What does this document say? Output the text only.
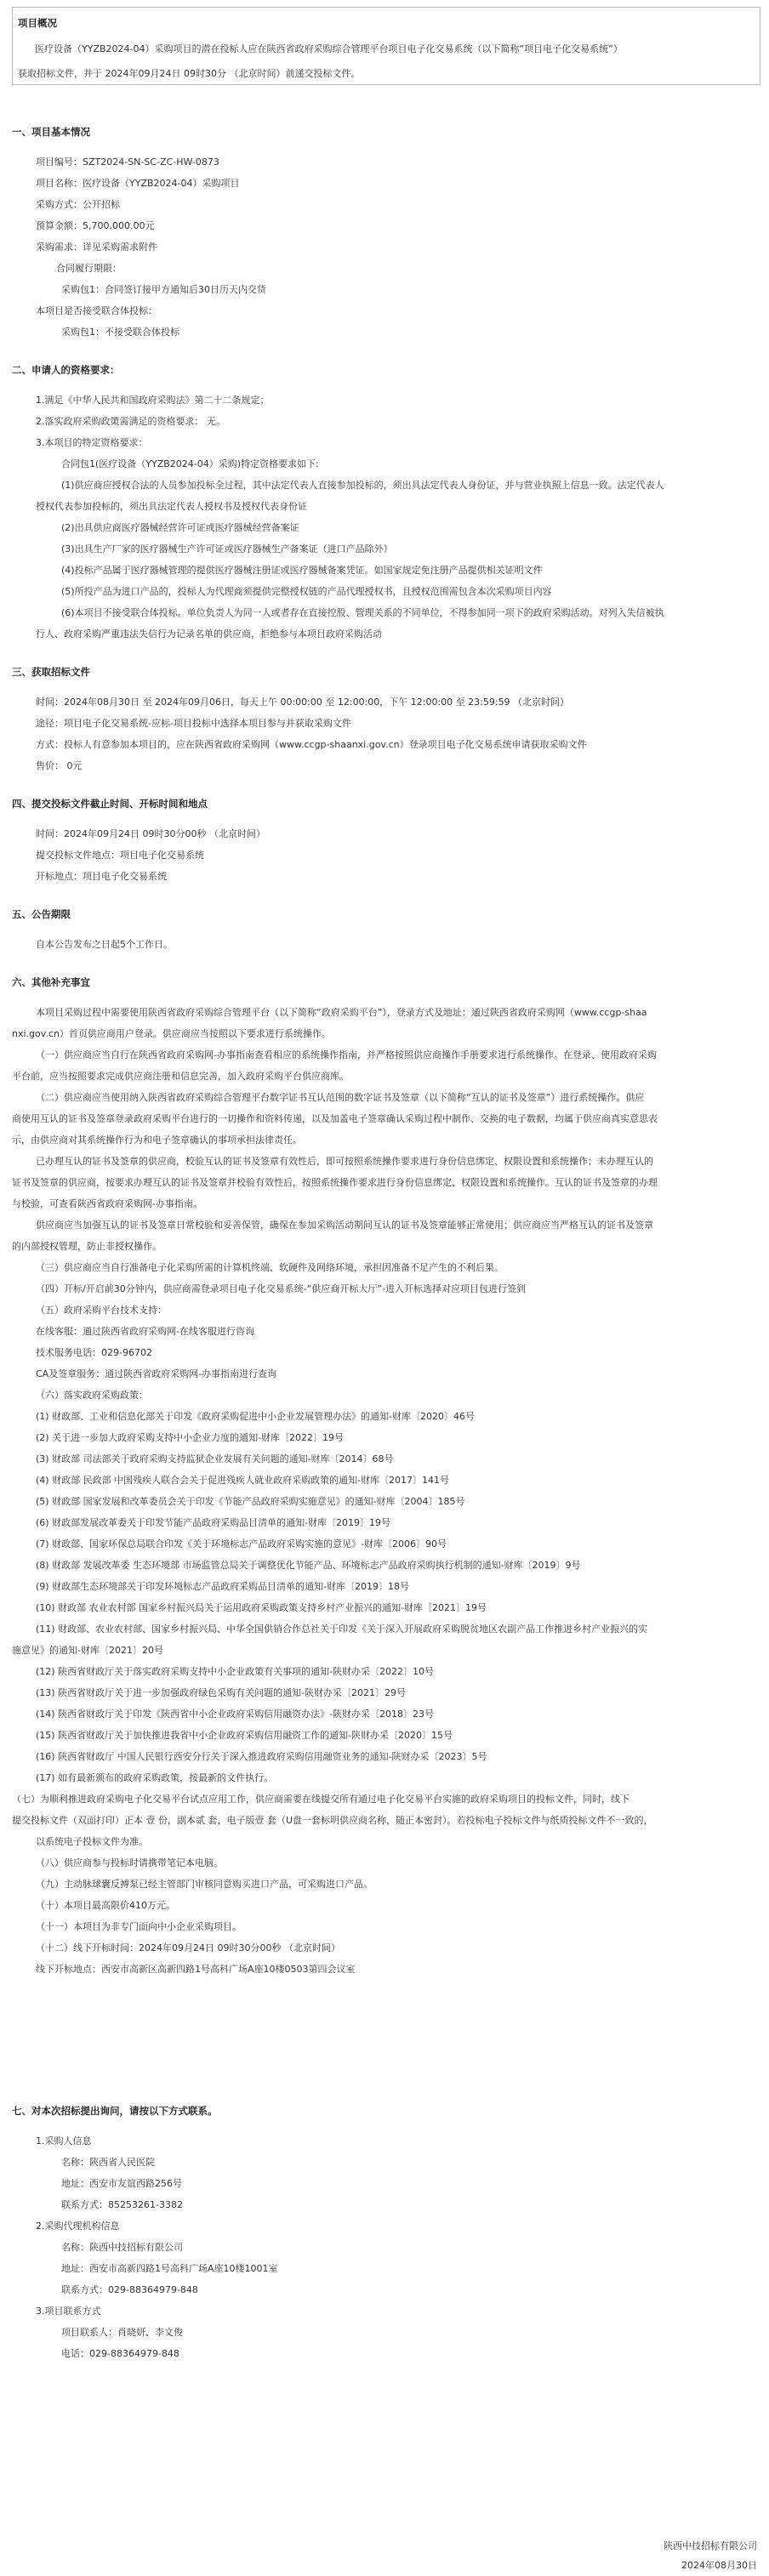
项目概况
医疗设备（YYZB2024-04）采购项目的潜在投标人应在陕西省政府采购综合管理平台项目电子化交易系统（以下简称“项目电子化交易系统”）
获取招标文件，并于 2024年09月24日 09时30分 （北京时间）前递交投标文件。
一、项目基本情况
项目编号：SZT2024-SN-SC-ZC-HW-0873
项目名称：医疗设备（YYZB2024-04）采购项目
采购方式：公开招标
预算金额：5,700,000.00元
采购需求：详见采购需求附件
合同履行期限：
采购包1：合同签订接甲方通知后30日历天内交货
本项目是否接受联合体投标：
采购包1：不接受联合体投标
二、申请人的资格要求：
1.满足《中华人民共和国政府采购法》第二十二条规定；
2.落实政府采购政策需满足的资格要求： 无。
3.本项目的特定资格要求：
合同包1(医疗设备（YYZB2024-04）采购)特定资格要求如下:
(1)供应商应授权合法的人员参加投标全过程，其中法定代表人直接参加投标的，须出具法定代表人身份证，并与营业执照上信息一致。法定代表人
授权代表参加投标的，须出具法定代表人授权书及授权代表身份证
(2)出具供应商医疗器械经营许可证或医疗器械经营备案证
(3)出具生产厂家的医疗器械生产许可证或医疗器械生产备案证（进口产品除外）
(4)投标产品属于医疗器械管理的提供医疗器械注册证或医疗器械备案凭证。如国家规定免注册产品提供相关证明文件
(5)所投产品为进口产品的，投标人为代理商须提供完整授权链的产品代理授权书，且授权范围需包含本次采购项目内容
(6)本项目不接受联合体投标。单位负责人为同一人或者存在直接控股、管理关系的不同单位，不得参加同一项下的政府采购活动。对列入失信被执
行人、政府采购严重违法失信行为记录名单的供应商，拒绝参与本项目政府采购活动
三、获取招标文件
时间：2024年08月30日 至 2024年09月06日，每天上午 00:00:00 至 12:00:00，下午 12:00:00 至 23:59:59 （北京时间）
途径：项目电子化交易系统-应标-项目投标中选择本项目参与并获取采购文件
方式：投标人有意参加本项目的，应在陕西省政府采购网（www.ccgp-shaanxi.gov.cn）登录项目电子化交易系统申请获取采购文件
售价： 0元
四、提交投标文件截止时间、开标时间和地点
时间：2024年09月24日 09时30分00秒 （北京时间）
提交投标文件地点：项目电子化交易系统
开标地点：项目电子化交易系统
五、公告期限
自本公告发布之日起5个工作日。
六、其他补充事宜
本项目采购过程中需要使用陕西省政府采购综合管理平台（以下简称“政府采购平台”），登录方式及地址：通过陕西省政府采购网（www.ccgp-shaa
nxi.gov.cn）首页供应商用户登录。供应商应当按照以下要求进行系统操作。
（一）供应商应当自行在陕西省政府采购网-办事指南查看相应的系统操作指南，并严格按照供应商操作手册要求进行系统操作。在登录、使用政府采购
平台前，应当按照要求完成供应商注册和信息完善，加入政府采购平台供应商库。
（二）供应商应当使用纳入陕西省政府采购综合管理平台数字证书互认范围的数字证书及签章（以下简称“互认的证书及签章”）进行系统操作。供应
商使用互认的证书及签章登录政府采购平台进行的一切操作和资料传递，以及加盖电子签章确认采购过程中制作、交换的电子数据，均属于供应商真实意思表
示，由供应商对其系统操作行为和电子签章确认的事项承担法律责任。
已办理互认的证书及签章的供应商，校验互认的证书及签章有效性后，即可按照系统操作要求进行身份信息绑定、权限设置和系统操作；未办理互认的
证书及签章的供应商，按要求办理互认的证书及签章并校验有效性后，按照系统操作要求进行身份信息绑定、权限设置和系统操作。互认的证书及签章的办理
与校验，可查看陕西省政府采购网-办事指南。
供应商应当加强互认的证书及签章日常校验和妥善保管，确保在参加采购活动期间互认的证书及签章能够正常使用；供应商应当严格互认的证书及签章
的内部授权管理，防止非授权操作。
（三）供应商应当自行准备电子化采购所需的计算机终端、软硬件及网络环境，承担因准备不足产生的不利后果。
（四）开标/开启前30分钟内，供应商需登录项目电子化交易系统-“供应商开标大厅”-进入开标选择对应项目包进行签到
（五）政府采购平台技术支持：
在线客服：通过陕西省政府采购网-在线客服进行咨询
技术服务电话：029-96702
CA及签章服务：通过陕西省政府采购网-办事指南进行查询
（六）落实政府采购政策：
(1) 财政部、工业和信息化部关于印发《政府采购促进中小企业发展管理办法》的通知-财库〔2020〕46号
(2) 关于进一步加大政府采购支持中小企业力度的通知-财库〔2022〕19号
(3) 财政部 司法部关于政府采购支持监狱企业发展有关问题的通知-财库〔2014〕68号
(4) 财政部 民政部 中国残疾人联合会关于促进残疾人就业政府采购政策的通知-财库〔2017〕141号
(5) 财政部 国家发展和改革委员会关于印发《节能产品政府采购实施意见》的通知-财库〔2004〕185号
(6) 财政部发展改革委关于印发节能产品政府采购品目清单的通知-财库〔2019〕19号
(7) 财政部、国家环保总局联合印发《关于环境标志产品政府采购实施的意见》-财库〔2006〕90号
(8) 财政部 发展改革委 生态环境部 市场监管总局关于调整优化节能产品、环境标志产品政府采购执行机制的通知-财库〔2019〕9号
(9) 财政部生态环境部关于印发环境标志产品政府采购品目清单的通知-财库〔2019〕18号
(10) 财政部 农业农村部 国家乡村振兴局关于运用政府采购政策支持乡村产业振兴的通知-财库〔2021〕19号
(11) 财政部、农业农村部、国家乡村振兴局、中华全国供销合作总社关于印发《关于深入开展政府采购脱贫地区农副产品工作推进乡村产业振兴的实
施意见》的通知-财库〔2021〕20号
(12) 陕西省财政厅关于落实政府采购支持中小企业政策有关事项的通知-陕财办采〔2022〕10号
(13) 陕西省财政厅关于进一步加强政府绿色采购有关问题的通知-陕财办采〔2021〕29号
(14) 陕西省财政厅关于印发《陕西省中小企业政府采购信用融资办法》-陕财办采〔2018〕23号
(15) 陕西省财政厅关于加快推进我省中小企业政府采购信用融资工作的通知-陕财办采〔2020〕15号
(16) 陕西省财政厅 中国人民银行西安分行关于深入推进政府采购信用融资业务的通知-陕财办采〔2023〕5号
(17) 如有最新颁布的政府采购政策，按最新的文件执行。
（七）为顺利推进政府采购电子化交易平台试点应用工作，供应商需要在线提交所有通过电子化交易平台实施的政府采购项目的投标文件，同时，线下
提交投标文件（双面打印）正本 壹 份，副本贰 套，电子版壹 套（U盘一套标明供应商名称，随正本密封）。若投标电子投标文件与纸质投标文件不一致的，
以系统电子投标文件为准。
（八）供应商参与投标时请携带笔记本电脑。
（九）主动脉球囊反搏泵已经主管部门审核同意购买进口产品，可采购进口产品。
（十）本项目最高限价410万元。
（十一）本项目为非专门面向中小企业采购项目。
（十二）线下开标时间：2024年09月24日 09时30分00秒 （北京时间）
线下开标地点：西安市高新区高新四路1号高科广场A座10楼0503第四会议室
七、对本次招标提出询问，请按以下方式联系。
1.采购人信息
名称：陕西省人民医院
地址：西安市友谊西路256号
联系方式：85253261-3382
2.采购代理机构信息
名称：陕西中技招标有限公司
地址：西安市高新四路1号高科广场A座10楼1001室
联系方式：029-88364979-848
3.项目联系方式
项目联系人：肖晓妍、李文俊
电话：029-88364979-848
陕西中技招标有限公司
2024年08月30日
